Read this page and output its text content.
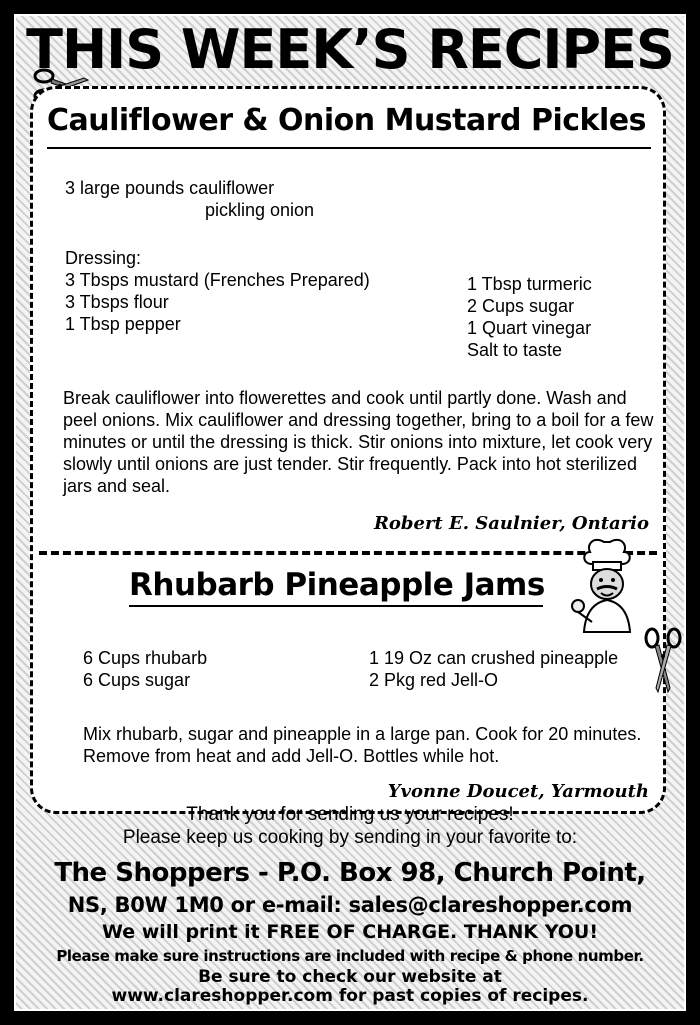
THIS WEEK’S RECIPES
Cauliflower & Onion Mustard Pickles
3 large pounds cauliflower
pickling onion
Dressing:
3 Tbsps mustard (Frenches Prepared)
3 Tbsps flour
1 Tbsp pepper
1 Tbsp turmeric
2 Cups sugar
1 Quart vinegar
Salt to taste
Break cauliflower into flowerettes and cook until partly done. Wash and peel onions. Mix cauliflower and dressing together, bring to a boil for a few minutes or until the dressing is thick. Stir onions into mixture, let cook very slowly until onions are just tender. Stir frequently. Pack into hot sterilized jars and seal.
Robert E. Saulnier, Ontario
Rhubarb Pineapple Jams
6 Cups rhubarb
6 Cups sugar
1 19 Oz can crushed pineapple
2 Pkg red Jell-O
Mix rhubarb, sugar and pineapple in a large pan. Cook for 20 minutes. Remove from heat and add Jell-O. Bottles while hot.
Yvonne Doucet, Yarmouth
Thank you for sending us your recipes!
Please keep us cooking by sending in your favorite to:
The Shoppers - P.O. Box 98, Church Point,
NS, B0W 1M0 or e-mail: sales@clareshopper.com
We will print it FREE OF CHARGE. THANK YOU!
Please make sure instructions are included with recipe & phone number.
Be sure to check our website at
www.clareshopper.com for past copies of recipes.
